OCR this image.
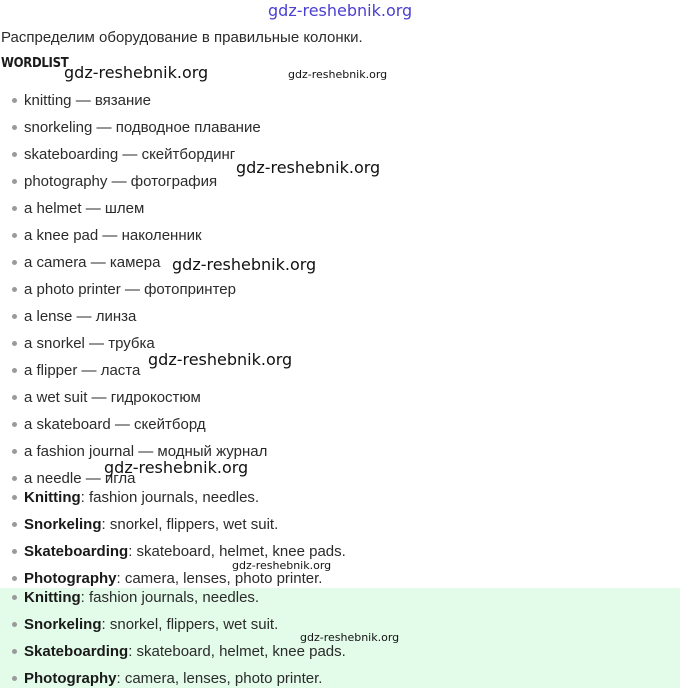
gdz-reshebnik.org
Распределим оборудование в правильные колонки.
WORDLIST
knitting — вязание
snorkeling — подводное плавание
skateboarding — скейтбординг
photography — фотография
a helmet — шлем
a knee pad — наколенник
a camera — камера
a photo printer — фотопринтер
a lense — линза
a snorkel — трубка
a flipper — ласта
a wet suit — гидрокостюм
a skateboard — скейтборд
a fashion journal — модный журнал
a needle — игла
Knitting: fashion journals, needles.
Snorkeling: snorkel, flippers, wet suit.
Skateboarding: skateboard, helmet, knee pads.
Photography: camera, lenses, photo printer.
Knitting: fashion journals, needles.
Snorkeling: snorkel, flippers, wet suit.
Skateboarding: skateboard, helmet, knee pads.
Photography: camera, lenses, photo printer.
gdz-reshebnik.org	gdz-reshebnik.org
gdz-reshebnik.org
gdz-reshebnik.org
gdz-reshebnik.org
gdz-reshebnik.org
gdz-reshebnik.org
gdz-reshebnik.org
